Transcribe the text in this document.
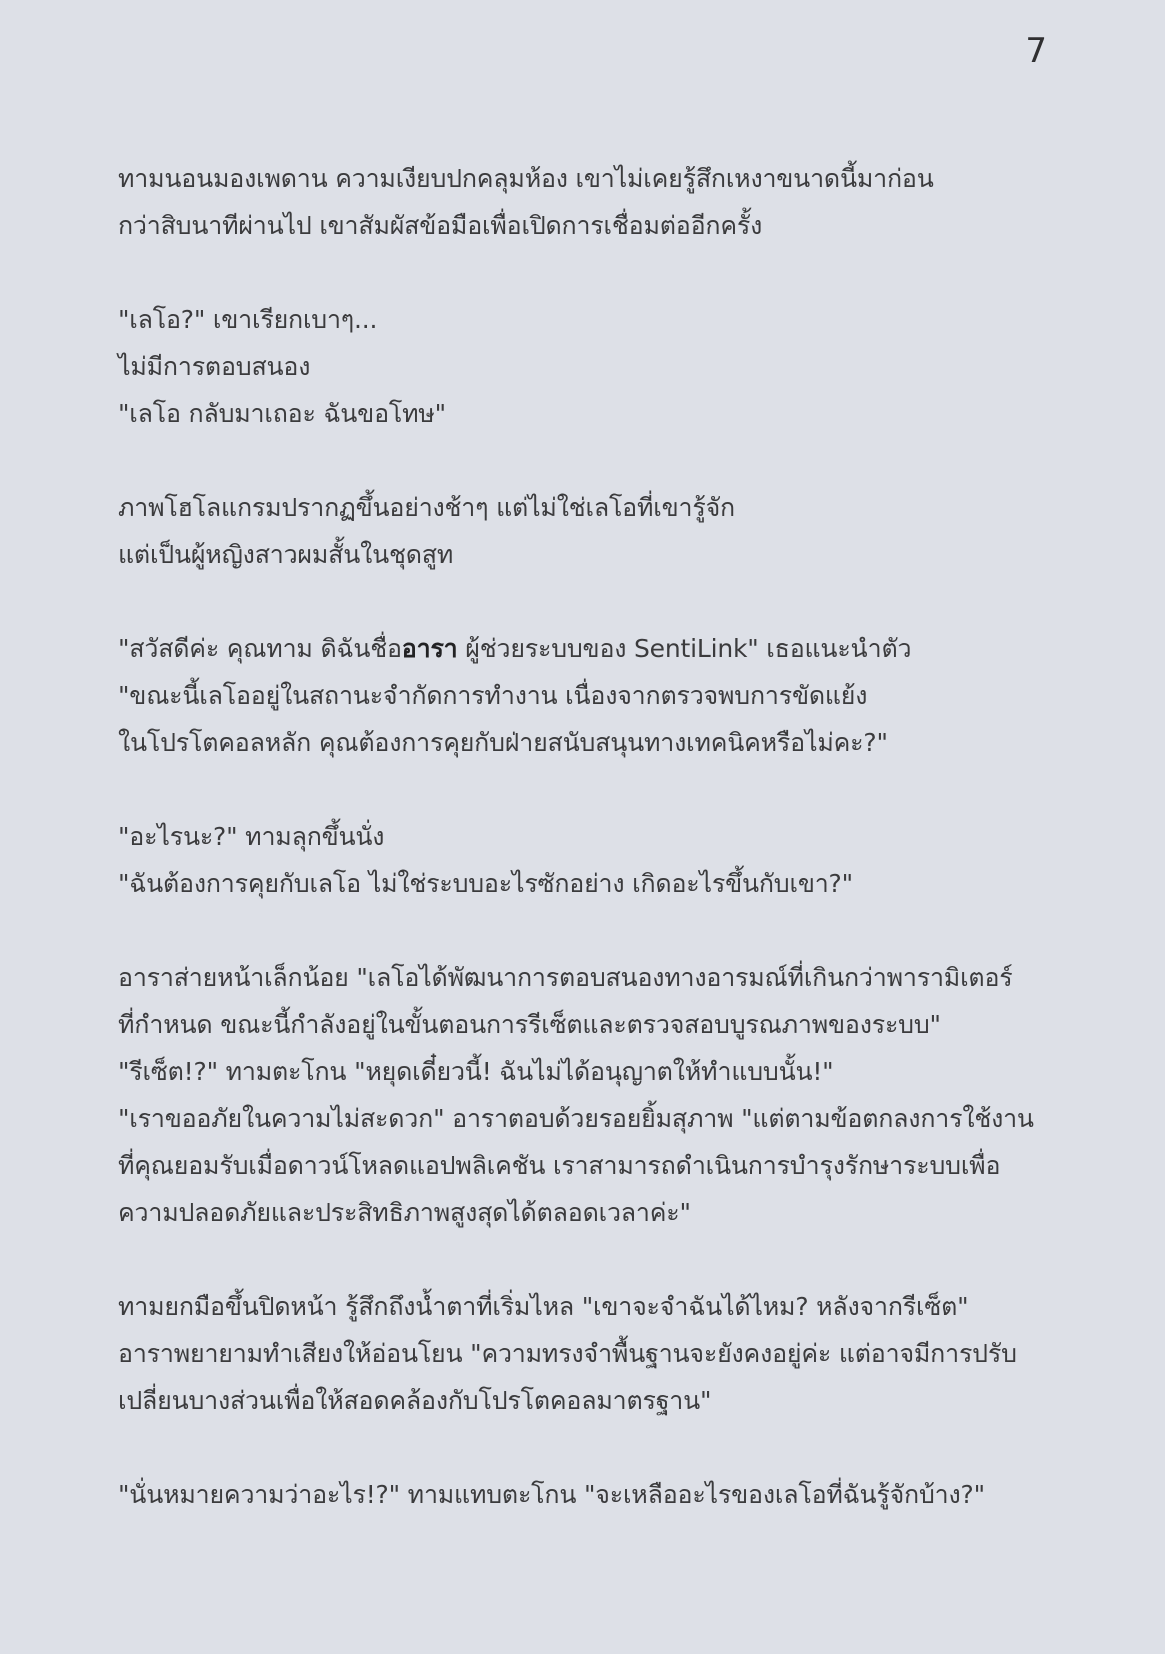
7
ทามนอนมองเพดาน ความเงียบปกคลุมห้อง เขาไม่เคยรู้สึกเหงาขนาดนี้มาก่อน
กว่าสิบนาทีผ่านไป เขาสัมผัสข้อมือเพื่อเปิดการเชื่อมต่ออีกครั้ง
"เลโอ?" เขาเรียกเบาๆ...
ไม่มีการตอบสนอง
"เลโอ กลับมาเถอะ ฉันขอโทษ"
ภาพโฮโลแกรมปรากฏขึ้นอย่างช้าๆ แต่ไม่ใช่เลโอที่เขารู้จัก
แต่เป็นผู้หญิงสาวผมสั้นในชุดสูท
"สวัสดีค่ะ คุณทาม ดิฉันชื่ออารา ผู้ช่วยระบบของ SentiLink" เธอแนะนำตัว
"ขณะนี้เลโออยู่ในสถานะจำกัดการทำงาน เนื่องจากตรวจพบการขัดแย้ง
ในโปรโตคอลหลัก คุณต้องการคุยกับฝ่ายสนับสนุนทางเทคนิคหรือไม่คะ?"
"อะไรนะ?" ทามลุกขึ้นนั่ง
"ฉันต้องการคุยกับเลโอ ไม่ใช่ระบบอะไรซักอย่าง เกิดอะไรขึ้นกับเขา?"
อาราส่ายหน้าเล็กน้อย "เลโอได้พัฒนาการตอบสนองทางอารมณ์ที่เกินกว่าพารามิเตอร์
ที่กำหนด ขณะนี้กำลังอยู่ในขั้นตอนการรีเซ็ตและตรวจสอบบูรณภาพของระบบ"
"รีเซ็ต!?" ทามตะโกน "หยุดเดี๋ยวนี้! ฉันไม่ได้อนุญาตให้ทำแบบนั้น!"
"เราขออภัยในความไม่สะดวก" อาราตอบด้วยรอยยิ้มสุภาพ "แต่ตามข้อตกลงการใช้งาน
ที่คุณยอมรับเมื่อดาวน์โหลดแอปพลิเคชัน เราสามารถดำเนินการบำรุงรักษาระบบเพื่อ
ความปลอดภัยและประสิทธิภาพสูงสุดได้ตลอดเวลาค่ะ"
ทามยกมือขึ้นปิดหน้า รู้สึกถึงน้ำตาที่เริ่มไหล "เขาจะจำฉันได้ไหม? หลังจากรีเซ็ต"
อาราพยายามทำเสียงให้อ่อนโยน "ความทรงจำพื้นฐานจะยังคงอยู่ค่ะ แต่อาจมีการปรับ
เปลี่ยนบางส่วนเพื่อให้สอดคล้องกับโปรโตคอลมาตรฐาน"
"นั่นหมายความว่าอะไร!?" ทามแทบตะโกน "จะเหลืออะไรของเลโอที่ฉันรู้จักบ้าง?"
